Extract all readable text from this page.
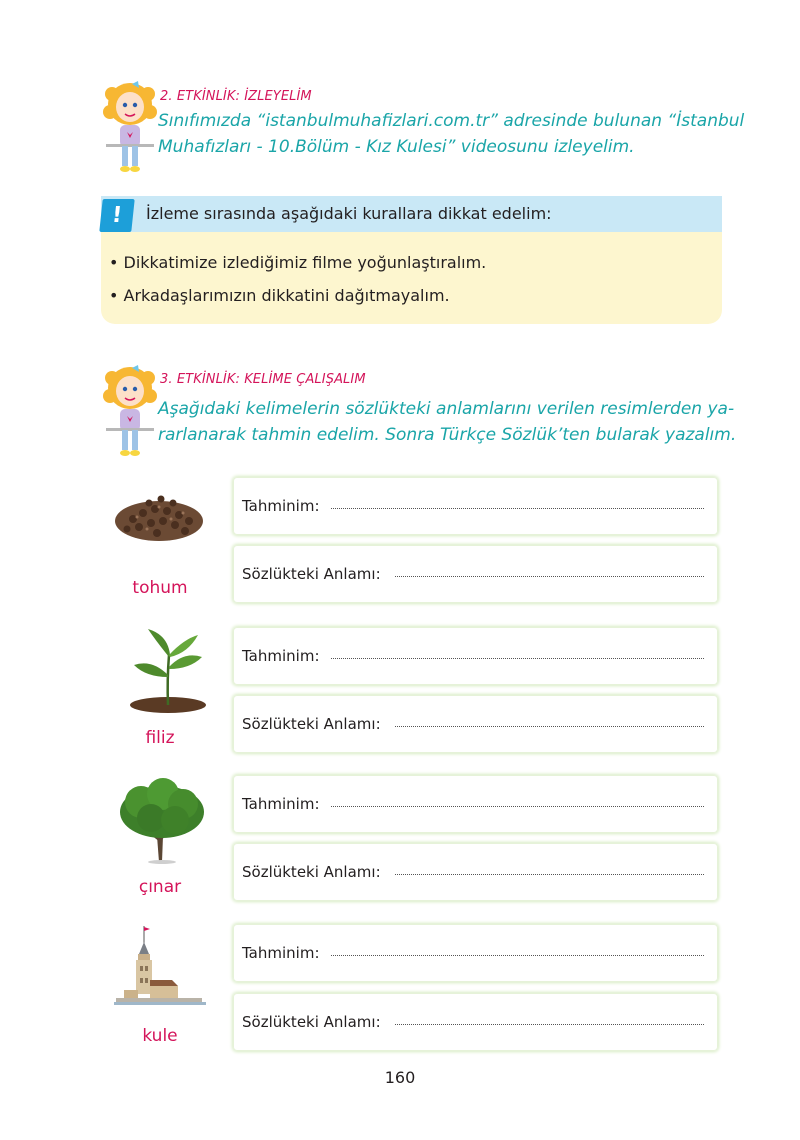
2. ETKİNLİK: İZLEYELİM
Sınıfımızda “istanbulmuhafizlari.com.tr” adresinde bulunan “İstanbul
Muhafızları - 10.Bölüm - Kız Kulesi” videosunu izleyelim.
!	İzleme sırasında aşağıdaki kurallara dikkat edelim:
• Dikkatimize izlediğimiz filme yoğunlaştıralım.
• Arkadaşlarımızın dikkatini dağıtmayalım.
3. ETKİNLİK: KELİME ÇALIŞALIM
Aşağıdaki kelimelerin sözlükteki anlamlarını verilen resimlerden ya-
rarlanarak tahmin edelim. Sonra Türkçe Sözlük’ten bularak yazalım.
tohum
Tahminim:
Sözlükteki Anlamı:
filiz
Tahminim:
Sözlükteki Anlamı:
çınar
Tahminim:
Sözlükteki Anlamı:
kule
Tahminim:
Sözlükteki Anlamı:
160
